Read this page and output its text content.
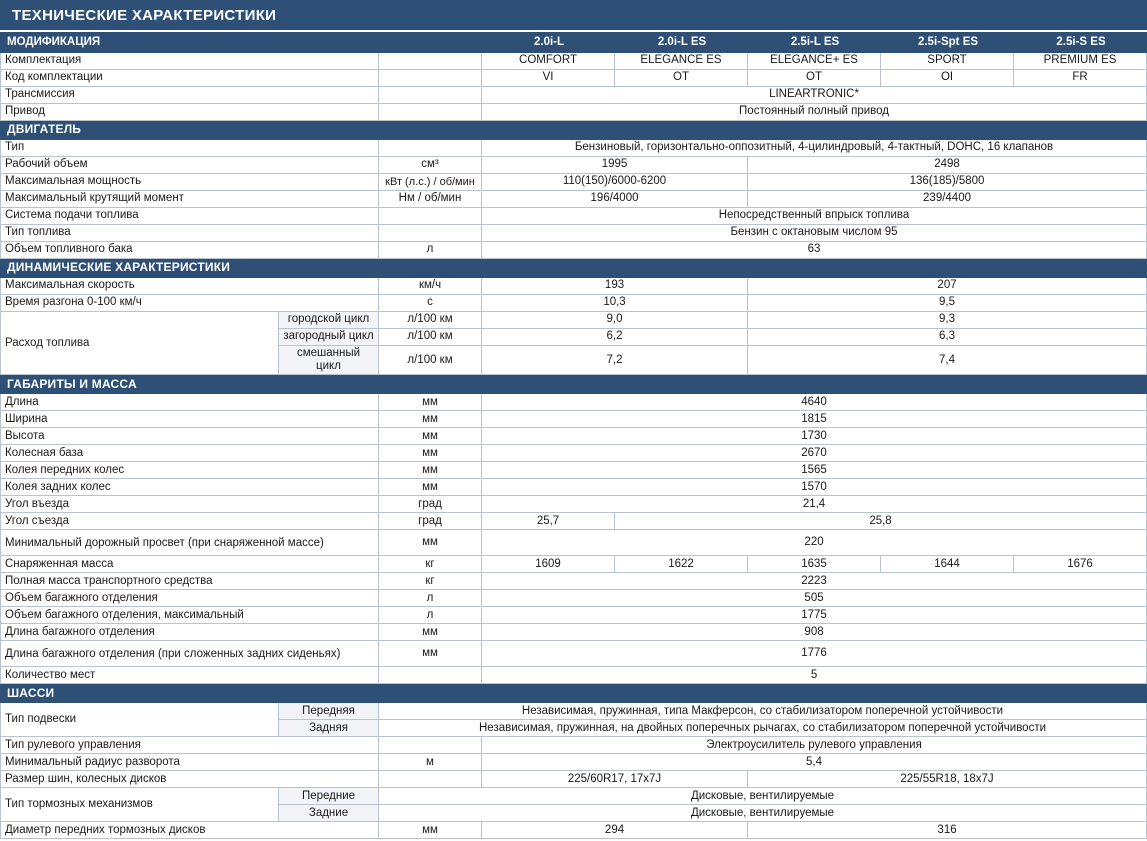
ТЕХНИЧЕСКИЕ ХАРАКТЕРИСТИКИ
МОДИФИКАЦИЯ			2.0i-L	2.0i-L ES	2.5i-L ES	2.5i-Spt ES	2.5i-S ES
Комплектация			COMFORT	ELEGANCE ES	ELEGANCE+ ES	SPORT	PREMIUM ES
Код комплектации			VI	OT	OT	OI	FR
Трансмиссия			LINEARTRONIC*				
Привод			Постоянный полный привод				
ДВИГАТЕЛЬ							
Тип			Бензиновый, горизонтально-оппозитный, 4-цилиндровый, 4-тактный, DOHC, 16 клапанов				
Рабочий объем		см³	1995		2498		
Максимальная мощность		кВт (л.с.) / об/мин	110(150)/6000-6200		136(185)/5800		
Максимальный крутящий момент		Нм / об/мин	196/4000		239/4400		
Система подачи топлива			Непосредственный впрыск топлива				
Тип топлива			Бензин с октановым числом 95				
Объем топливного бака		л	63				
ДИНАМИЧЕСКИЕ ХАРАКТЕРИСТИКИ							
Максимальная скорость		км/ч	193		207		
Время разгона 0-100 км/ч		с	10,3		9,5		
Расход топлива	городской цикл	л/100 км	9,0		9,3		
	загородный цикл	л/100 км	6,2		6,3		
	смешанный цикл	л/100 км	7,2		7,4		
ГАБАРИТЫ И МАССА							
Длина		мм	4640				
Ширина		мм	1815				
Высота		мм	1730				
Колесная база		мм	2670				
Колея передних колес		мм	1565				
Колея задних колес		мм	1570				
Угол въезда		град	21,4				
Угол съезда		град	25,7	25,8			
Минимальный дорожный просвет (при снаряженной массе)		мм	220				
Снаряженная масса		кг	1609	1622	1635	1644	1676
Полная масса транспортного средства		кг	2223				
Объем багажного отделения		л	505				
Объем багажного отделения, максимальный		л	1775				
Длина багажного отделения		мм	908				
Длина багажного отделения (при сложенных задних сиденьях)		мм	1776				
Количество мест			5				
ШАССИ							
Тип подвески	Передняя	Независимая, пружинная, типа Макферсон, со стабилизатором поперечной устойчивости					
	Задняя	Независимая, пружинная, на двойных поперечных рычагах, со стабилизатором поперечной устойчивости					
Тип рулевого управления			Электроусилитель рулевого управления				
Минимальный радиус разворота		м	5,4				
Размер шин, колесных дисков			225/60R17, 17x7J		225/55R18, 18x7J		
Тип тормозных механизмов	Передние	Дисковые, вентилируемые					
	Задние	Дисковые, вентилируемые					
Диаметр передних тормозных дисков		мм	294		316		
